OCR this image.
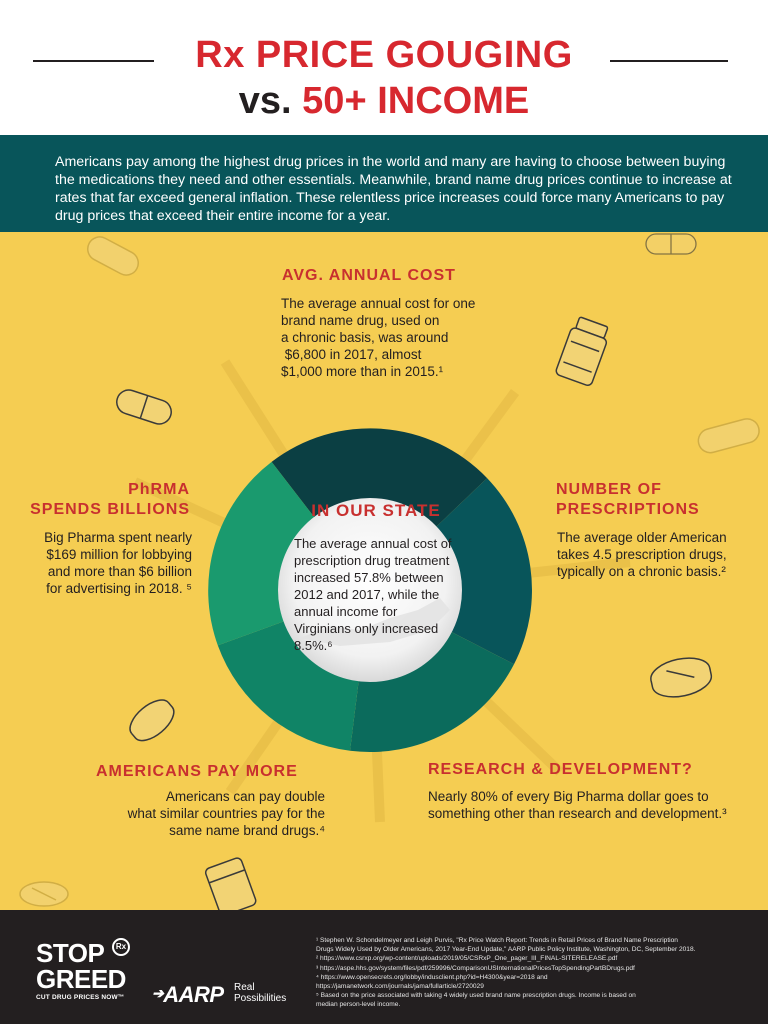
Rx PRICE GOUGING
vs. 50+ INCOME

Americans pay among the highest drug prices in the world and many are having to choose between buying the medications they need and other essentials. Meanwhile, brand name drug prices continue to increase at rates that far exceed general inflation. These relentless price increases could force many Americans to pay drug prices that exceed their entire income for a year.

AVG. ANNUAL COST
The average annual cost for one
brand name drug, used on
a chronic basis, was around
$6,800 in 2017, almost
$1,000 more than in 2015.¹
PhRMA
SPENDS BILLIONS
Big Pharma spent nearly
$169 million for lobbying
and more than $6 billion
for advertising in 2018. ⁵
NUMBER OF
PRESCRIPTIONS
The average older American
takes 4.5 prescription drugs,
typically on a chronic basis.²
AMERICANS PAY MORE
Americans can pay double
what similar countries pay for the
same name brand drugs.⁴
RESEARCH & DEVELOPMENT?
Nearly 80% of every Big Pharma dollar goes to
something other than research and development.³
IN OUR STATE
The average annual cost of
prescription drug treatment
increased 57.8% between
2012 and 2017, while the
annual income for
Virginians only increased
8.5%.⁶
STOP
GREED
CUT DRUG PRICES NOW™
Rx
➔AARP Real
Possibilities
¹ Stephen W. Schondelmeyer and Leigh Purvis, "Rx Price Watch Report: Trends in Retail Prices of Brand Name Prescription
Drugs Widely Used by Older Americans, 2017 Year-End Update," AARP Public Policy Institute, Washington, DC, September 2018.
² https://www.csrxp.org/wp-content/uploads/2019/05/CSRxP_One_pager_III_FINAL-SITERELEASE.pdf
³ https://aspe.hhs.gov/system/files/pdf/259996/ComparisonUSInternationalPricesTopSpendingPartBDrugs.pdf
⁴ https://www.opensecrets.org/lobby/indusclient.php?id=H4300&year=2018 and
https://jamanetwork.com/journals/jama/fullarticle/2720029
⁵ Based on the price associated with taking 4 widely used brand name prescription drugs. Income is based on
median person-level income.
